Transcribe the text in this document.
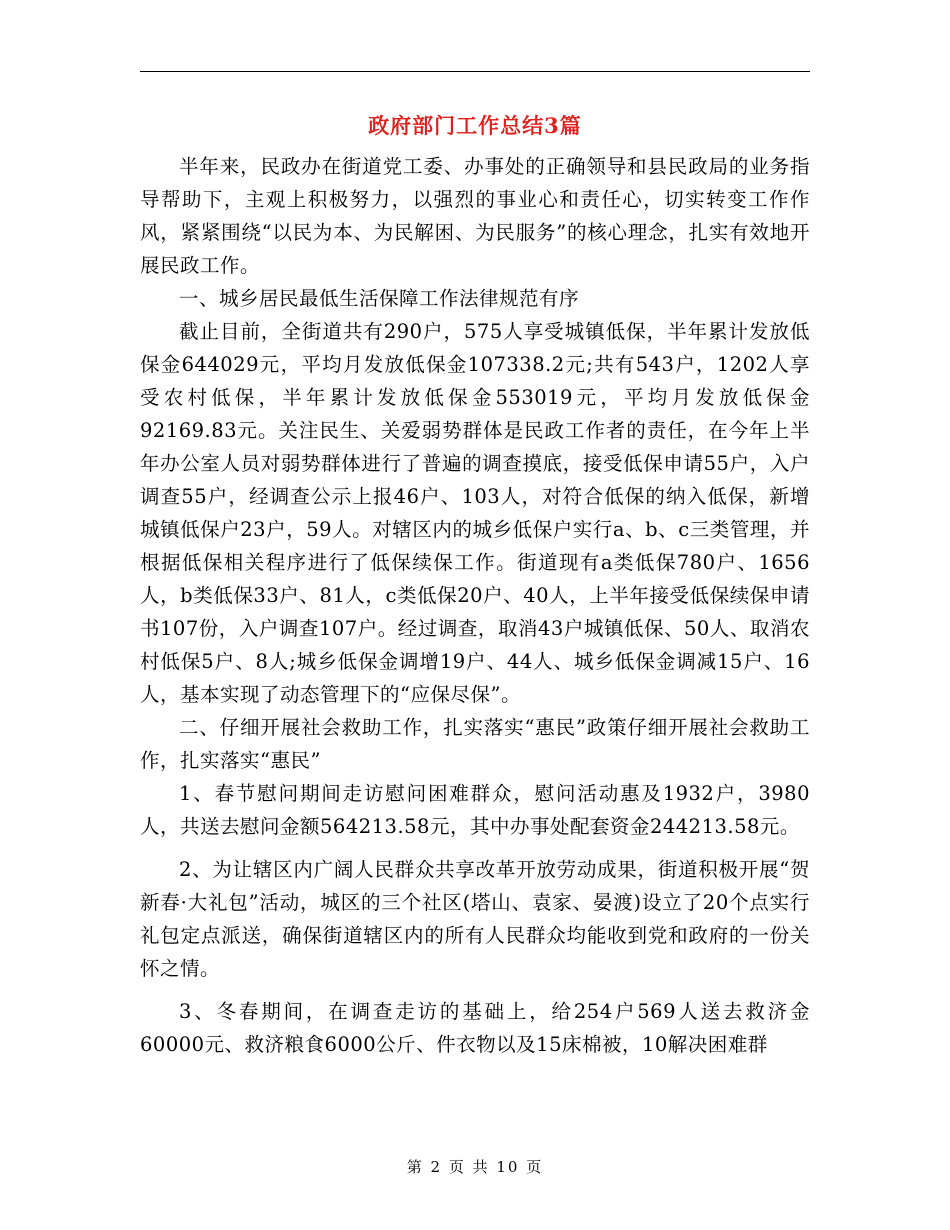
政府部门工作总结3篇

半年来，民政办在街道党工委、办事处的正确领导和县民政局的业务指导帮助下，主观上积极努力，以强烈的事业心和责任心，切实转变工作作风，紧紧围绕“以民为本、为民解困、为民服务”的核心理念，扎实有效地开展民政工作。

一、城乡居民最低生活保障工作法律规范有序

截止目前，全街道共有290户，575人享受城镇低保，半年累计发放低保金644029元，平均月发放低保金107338.2元;共有543户，1202人享受农村低保，半年累计发放低保金553019元，平均月发放低保金92169.83元。关注民生、关爱弱势群体是民政工作者的责任，在今年上半年办公室人员对弱势群体进行了普遍的调查摸底，接受低保申请55户，入户调查55户，经调查公示上报46户、103人，对符合低保的纳入低保，新增城镇低保户23户，59人。对辖区内的城乡低保户实行a、b、c三类管理，并根据低保相关程序进行了低保续保工作。街道现有a类低保780户、1656人，b类低保33户、81人，c类低保20户、40人，上半年接受低保续保申请书107份，入户调查107户。经过调查，取消43户城镇低保、50人、取消农村低保5户、8人;城乡低保金调增19户、44人、城乡低保金调减15户、16人，基本实现了动态管理下的“应保尽保”。

二、仔细开展社会救助工作，扎实落实“惠民”政策仔细开展社会救助工作，扎实落实“惠民”

1、春节慰问期间走访慰问困难群众，慰问活动惠及1932户，3980人，共送去慰问金额564213.58元，其中办事处配套资金244213.58元。

2、为让辖区内广阔人民群众共享改革开放劳动成果，街道积极开展“贺新春·大礼包”活动，城区的三个社区(塔山、袁家、晏渡)设立了20个点实行礼包定点派送，确保街道辖区内的所有人民群众均能收到党和政府的一份关怀之情。

3、冬春期间，在调查走访的基础上，给254户569人送去救济金60000元、救济粮食6000公斤、件衣物以及15床棉被，10解决困难群

第 2 页 共 10 页
